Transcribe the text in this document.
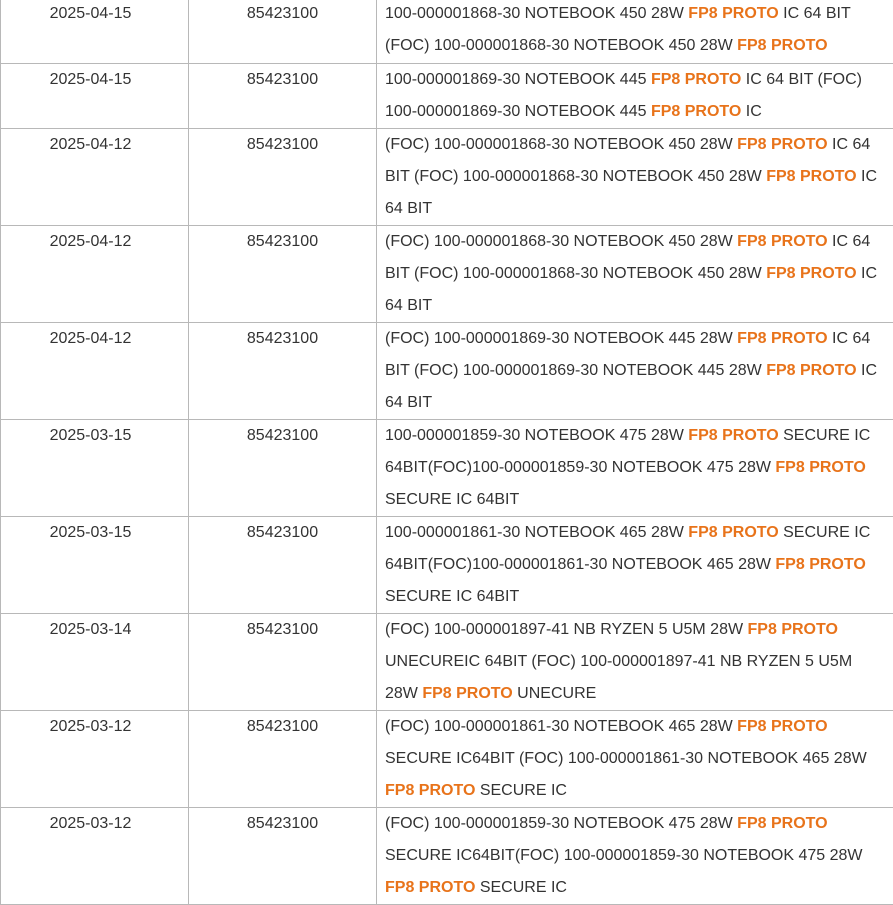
2025-04-15	85423100	100-000001868-30 NOTEBOOK 450 28W FP8 PROTO IC 64 BIT (FOC) 100-000001868-30 NOTEBOOK 450 28W FP8 PROTO
2025-04-15	85423100	100-000001869-30 NOTEBOOK 445 FP8 PROTO IC 64 BIT (FOC) 100-000001869-30 NOTEBOOK 445 FP8 PROTO IC
2025-04-12	85423100	(FOC) 100-000001868-30 NOTEBOOK 450 28W FP8 PROTO IC 64 BIT (FOC) 100-000001868-30 NOTEBOOK 450 28W FP8 PROTO IC 64 BIT
2025-04-12	85423100	(FOC) 100-000001868-30 NOTEBOOK 450 28W FP8 PROTO IC 64 BIT (FOC) 100-000001868-30 NOTEBOOK 450 28W FP8 PROTO IC 64 BIT
2025-04-12	85423100	(FOC) 100-000001869-30 NOTEBOOK 445 28W FP8 PROTO IC 64 BIT (FOC) 100-000001869-30 NOTEBOOK 445 28W FP8 PROTO IC 64 BIT
2025-03-15	85423100	100-000001859-30 NOTEBOOK 475 28W FP8 PROTO SECURE IC 64BIT(FOC)100-000001859-30 NOTEBOOK 475 28W FP8 PROTO SECURE IC 64BIT
2025-03-15	85423100	100-000001861-30 NOTEBOOK 465 28W FP8 PROTO SECURE IC 64BIT(FOC)100-000001861-30 NOTEBOOK 465 28W FP8 PROTO SECURE IC 64BIT
2025-03-14	85423100	(FOC) 100-000001897-41 NB RYZEN 5 U5M 28W FP8 PROTO UNECUREIC 64BIT (FOC) 100-000001897-41 NB RYZEN 5 U5M 28W FP8 PROTO UNECURE
2025-03-12	85423100	(FOC) 100-000001861-30 NOTEBOOK 465 28W FP8 PROTO SECURE IC64BIT (FOC) 100-000001861-30 NOTEBOOK 465 28W FP8 PROTO SECURE IC
2025-03-12	85423100	(FOC) 100-000001859-30 NOTEBOOK 475 28W FP8 PROTO SECURE IC64BIT(FOC) 100-000001859-30 NOTEBOOK 475 28W FP8 PROTO SECURE IC
